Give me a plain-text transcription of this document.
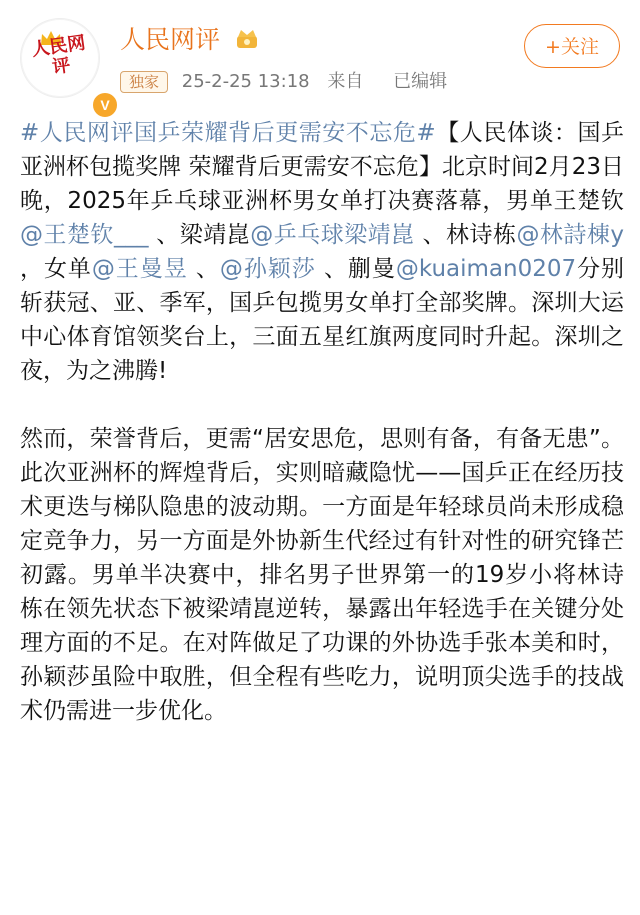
人民网评
V
人民网评
独家 25-2-25 13:18 来自 已编辑
+关注

#人民网评国乒荣耀背后更需安不忘危#【人民体谈：国乒亚洲杯包揽奖牌 荣耀背后更需安不忘危】北京时间2月23日晚，2025年乒乓球亚洲杯男女单打决赛落幕，男单王楚钦@王楚钦___ 、梁靖崑@乒乓球梁靖崑 、林诗栋@林詩棟y ，女单@王曼昱 、@孙颖莎 、蒯曼@kuaiman0207分别斩获冠、亚、季军，国乒包揽男女单打全部奖牌。深圳大运中心体育馆领奖台上，三面五星红旗两度同时升起。深圳之夜，为之沸腾!

然而，荣誉背后，更需“居安思危，思则有备，有备无患”。此次亚洲杯的辉煌背后，实则暗藏隐忧——国乒正在经历技术更迭与梯队隐患的波动期。一方面是年轻球员尚未形成稳定竞争力，另一方面是外协新生代经过有针对性的研究锋芒初露。男单半决赛中，排名男子世界第一的19岁小将林诗栋在领先状态下被梁靖崑逆转，暴露出年轻选手在关键分处理方面的不足。在对阵做足了功课的外协选手张本美和时，孙颖莎虽险中取胜，但全程有些吃力，说明顶尖选手的技战术仍需进一步优化。
